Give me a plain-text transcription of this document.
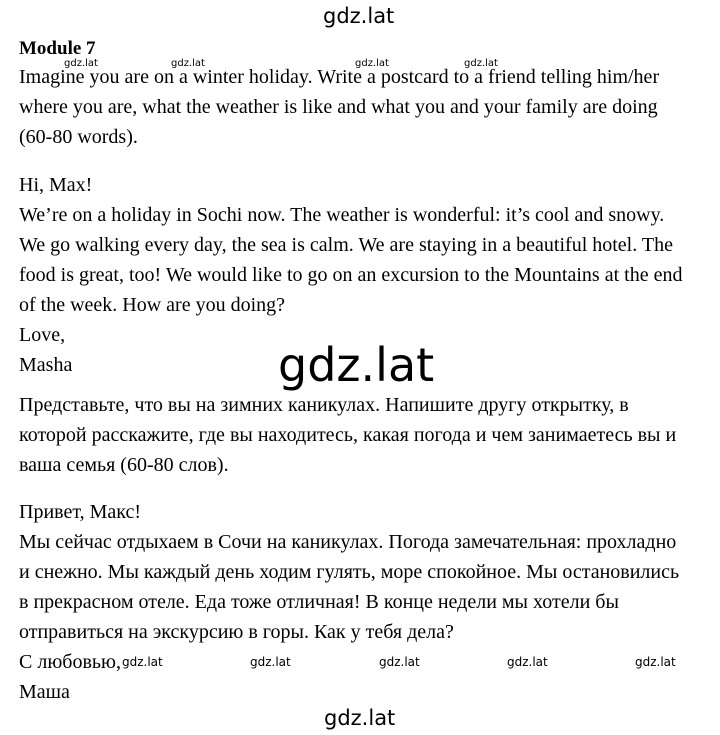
gdz.lat
gdz.lat	gdz.lat	gdz.lat	gdz.lat
gdz.lat
gdz.lat	gdz.lat	gdz.lat	gdz.lat	gdz.lat
gdz.lat
Module 7
Imagine you are on a winter holiday. Write a postcard to a friend telling him/her
where you are, what the weather is like and what you and your family are doing
(60-80 words).
Hi, Max!
We’re on a holiday in Sochi now. The weather is wonderful: it’s cool and snowy.
We go walking every day, the sea is calm. We are staying in a beautiful hotel. The
food is great, too! We would like to go on an excursion to the Mountains at the end
of the week. How are you doing?
Love,
Masha
Представьте, что вы на зимних каникулах. Напишите другу открытку, в
которой расскажите, где вы находитесь, какая погода и чем занимаетесь вы и
ваша семья (60-80 слов).
Привет, Макс!
Мы сейчас отдыхаем в Сочи на каникулах. Погода замечательная: прохладно
и снежно. Мы каждый день ходим гулять, море спокойное. Мы остановились
в прекрасном отеле. Еда тоже отличная! В конце недели мы хотели бы
отправиться на экскурсию в горы. Как у тебя дела?
С любовью,
Маша
